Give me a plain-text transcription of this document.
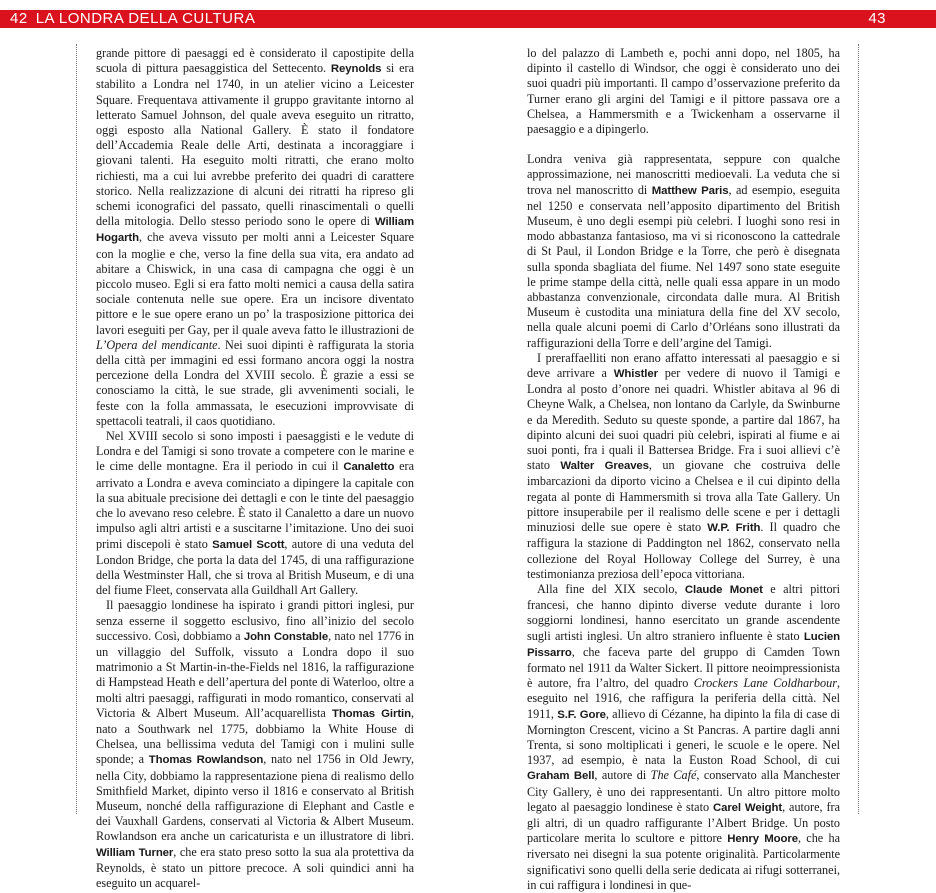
42 LA LONDRA DELLA CULTURA	43

grande pittore di paesaggi ed è considerato il capostipite della scuola di pittura paesaggistica del Settecento. Reynolds si era stabilito a Londra nel 1740, in un atelier vicino a Leicester Square. Frequentava attivamente il gruppo gravitante intorno al letterato Samuel Johnson, del quale aveva eseguito un ritratto, oggi esposto alla National Gallery. È stato il fondatore dell’Accademia Reale delle Arti, destinata a incoraggiare i giovani talenti. Ha eseguito molti ritratti, che erano molto richiesti, ma a cui lui avrebbe preferito dei quadri di carattere storico. Nella realizzazione di alcuni dei ritratti ha ripreso gli schemi iconografici del passato, quelli rinascimentali o quelli della mitologia. Dello stesso periodo sono le opere di William Hogarth, che aveva vissuto per molti anni a Leicester Square con la moglie e che, verso la fine della sua vita, era andato ad abitare a Chiswick, in una casa di campagna che oggi è un piccolo museo. Egli si era fatto molti nemici a causa della satira sociale contenuta nelle sue opere. Era un incisore diventato pittore e le sue opere erano un po’ la trasposizione pittorica dei lavori eseguiti per Gay, per il quale aveva fatto le illustrazioni de L’Opera del mendicante. Nei suoi dipinti è raffigurata la storia della città per immagini ed essi formano ancora oggi la nostra percezione della Londra del XVIII secolo. È grazie a essi se conosciamo la città, le sue strade, gli avvenimenti sociali, le feste con la folla ammassata, le esecuzioni improvvisate di spettacoli teatrali, il caos quotidiano.

Nel XVIII secolo si sono imposti i paesaggisti e le vedute di Londra e del Tamigi si sono trovate a competere con le marine e le cime delle montagne. Era il periodo in cui il Canaletto era arrivato a Londra e aveva cominciato a dipingere la capitale con la sua abituale precisione dei dettagli e con le tinte del paesaggio che lo avevano reso celebre. È stato il Canaletto a dare un nuovo impulso agli altri artisti e a suscitarne l’imitazione. Uno dei suoi primi discepoli è stato Samuel Scott, autore di una veduta del London Bridge, che porta la data del 1745, di una raffigurazione della Westminster Hall, che si trova al British Museum, e di una del fiume Fleet, conservata alla Guildhall Art Gallery.

Il paesaggio londinese ha ispirato i grandi pittori inglesi, pur senza esserne il soggetto esclusivo, fino all’inizio del secolo successivo. Così, dobbiamo a John Constable, nato nel 1776 in un villaggio del Suffolk, vissuto a Londra dopo il suo matrimonio a St Martin-in-the-Fields nel 1816, la raffigurazione di Hampstead Heath e dell’apertura del ponte di Waterloo, oltre a molti altri paesaggi, raffigurati in modo romantico, conservati al Victoria & Albert Museum. All’acquarellista Thomas Girtin, nato a Southwark nel 1775, dobbiamo la White House di Chelsea, una bellissima veduta del Tamigi con i mulini sulle sponde; a Thomas Rowlandson, nato nel 1756 in Old Jewry, nella City, dobbiamo la rappresentazione piena di realismo dello Smithfield Market, dipinto verso il 1816 e conservato al British Museum, nonché della raffigurazione di Elephant and Castle e dei Vauxhall Gardens, conservati al Victoria & Albert Museum. Rowlandson era anche un caricaturista e un illustratore di libri. William Turner, che era stato preso sotto la sua ala protettiva da Reynolds, è stato un pittore precoce. A soli quindici anni ha eseguito un acquarel-

lo del palazzo di Lambeth e, pochi anni dopo, nel 1805, ha dipinto il castello di Windsor, che oggi è considerato uno dei suoi quadri più importanti. Il campo d’osservazione preferito da Turner erano gli argini del Tamigi e il pittore passava ore a Chelsea, a Hammersmith e a Twickenham a osservarne il paesaggio e a dipingerlo.

Londra veniva già rappresentata, seppure con qualche approssimazione, nei manoscritti medioevali. La veduta che si trova nel manoscritto di Matthew Paris, ad esempio, eseguita nel 1250 e conservata nell’apposito dipartimento del British Museum, è uno degli esempi più celebri. I luoghi sono resi in modo abbastanza fantasioso, ma vi si riconoscono la cattedrale di St Paul, il London Bridge e la Torre, che però è disegnata sulla sponda sbagliata del fiume. Nel 1497 sono state eseguite le prime stampe della città, nelle quali essa appare in un modo abbastanza convenzionale, circondata dalle mura. Al British Museum è custodita una miniatura della fine del XV secolo, nella quale alcuni poemi di Carlo d’Orléans sono illustrati da raffigurazioni della Torre e dell’argine del Tamigi.

I preraffaelliti non erano affatto interessati al paesaggio e si deve arrivare a Whistler per vedere di nuovo il Tamigi e Londra al posto d’onore nei quadri. Whistler abitava al 96 di Cheyne Walk, a Chelsea, non lontano da Carlyle, da Swinburne e da Meredith. Seduto su queste sponde, a partire dal 1867, ha dipinto alcuni dei suoi quadri più celebri, ispirati al fiume e ai suoi ponti, fra i quali il Battersea Bridge. Fra i suoi allievi c’è stato Walter Greaves, un giovane che costruiva delle imbarcazioni da diporto vicino a Chelsea e il cui dipinto della regata al ponte di Hammersmith si trova alla Tate Gallery. Un pittore insuperabile per il realismo delle scene e per i dettagli minuziosi delle sue opere è stato W.P. Frith. Il quadro che raffigura la stazione di Paddington nel 1862, conservato nella collezione del Royal Holloway College del Surrey, è una testimonianza preziosa dell’epoca vittoriana.

Alla fine del XIX secolo, Claude Monet e altri pittori francesi, che hanno dipinto diverse vedute durante i loro soggiorni londinesi, hanno esercitato un grande ascendente sugli artisti inglesi. Un altro straniero influente è stato Lucien Pissarro, che faceva parte del gruppo di Camden Town formato nel 1911 da Walter Sickert. Il pittore neoimpressionista è autore, fra l’altro, del quadro Crockers Lane Coldharbour, eseguito nel 1916, che raffigura la periferia della città. Nel 1911, S.F. Gore, allievo di Cézanne, ha dipinto la fila di case di Mornington Crescent, vicino a St Pancras. A partire dagli anni Trenta, si sono moltiplicati i generi, le scuole e le opere. Nel 1937, ad esempio, è nata la Euston Road School, di cui Graham Bell, autore di The Café, conservato alla Manchester City Gallery, è uno dei rappresentanti. Un altro pittore molto legato al paesaggio londinese è stato Carel Weight, autore, fra gli altri, di un quadro raffigurante l’Albert Bridge. Un posto particolare merita lo scultore e pittore Henry Moore, che ha riversato nei disegni la sua potente originalità. Particolarmente significativi sono quelli della serie dedicata ai rifugi sotterranei, in cui raffigura i londinesi in que-
